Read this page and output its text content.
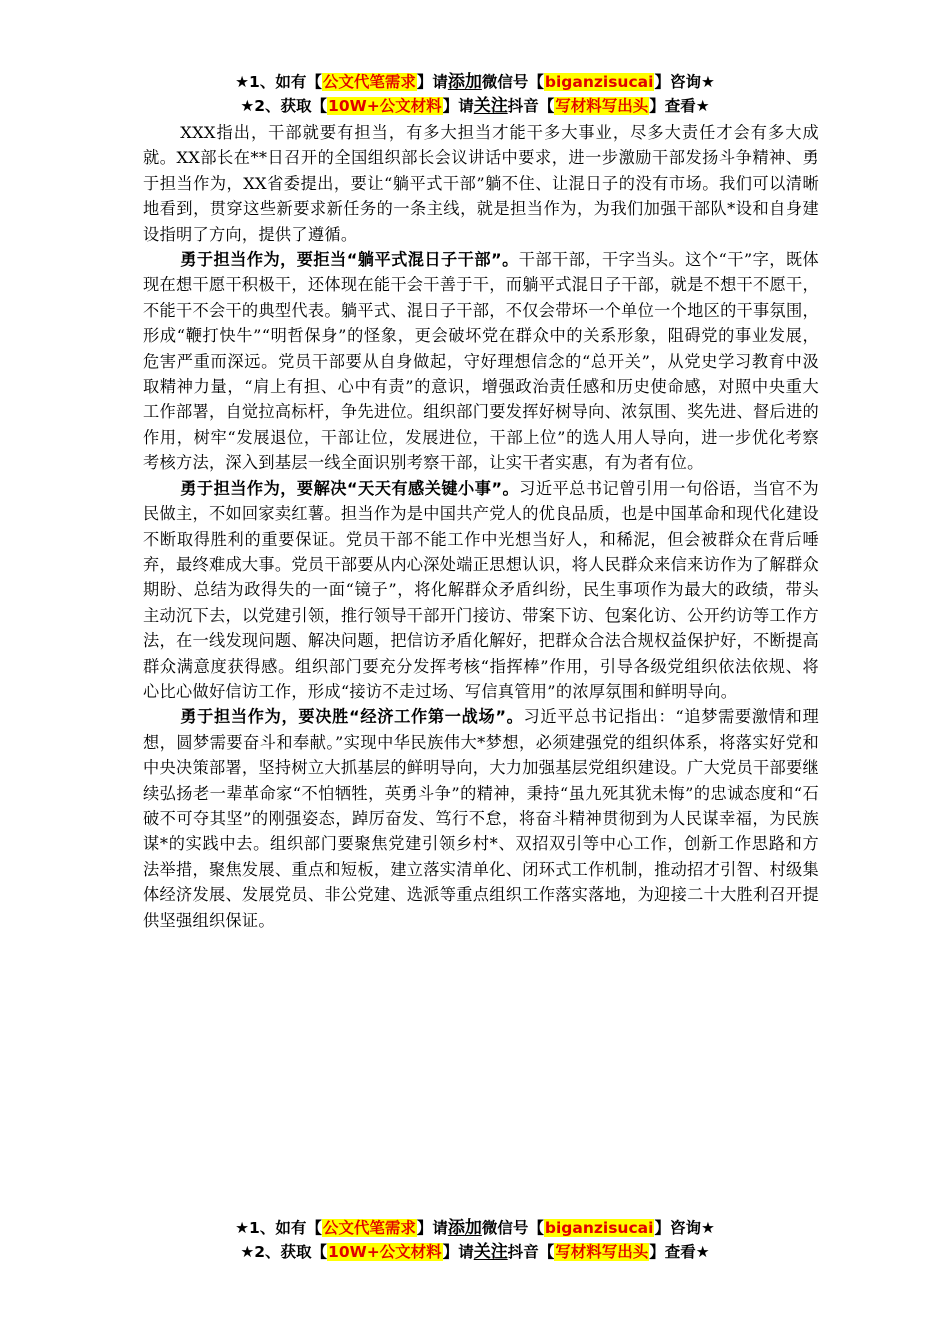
★1、如有【公文代笔需求】请添加微信号【biganzisucai】咨询★
★2、获取【10W+公文材料】请关注抖音【写材料写出头】查看★

XXX指出，干部就要有担当，有多大担当才能干多大事业，尽多大责任才会有多大成就。XX部长在**日召开的全国组织部长会议讲话中要求，进一步激励干部发扬斗争精神、勇于担当作为，XX省委提出，要让“躺平式干部”躺不住、让混日子的没有市场。我们可以清晰地看到，贯穿这些新要求新任务的一条主线，就是担当作为，为我们加强干部队*设和自身建设指明了方向，提供了遵循。

勇于担当作为，要拒当“躺平式混日子干部”。干部干部，干字当头。这个“干”字，既体现在想干愿干积极干，还体现在能干会干善于干，而躺平式混日子干部，就是不想干不愿干，不能干不会干的典型代表。躺平式、混日子干部，不仅会带坏一个单位一个地区的干事氛围，形成“鞭打快牛”“明哲保身”的怪象，更会破坏党在群众中的关系形象，阻碍党的事业发展，危害严重而深远。党员干部要从自身做起，守好理想信念的“总开关”，从党史学习教育中汲取精神力量，“肩上有担、心中有责”的意识，增强政治责任感和历史使命感，对照中央重大工作部署，自觉拉高标杆，争先进位。组织部门要发挥好树导向、浓氛围、奖先进、督后进的作用，树牢“发展退位，干部让位，发展进位，干部上位”的选人用人导向，进一步优化考察考核方法，深入到基层一线全面识别考察干部，让实干者实惠，有为者有位。

勇于担当作为，要解决“天天有感关键小事”。习近平总书记曾引用一句俗语，当官不为民做主，不如回家卖红薯。担当作为是中国共产党人的优良品质，也是中国革命和现代化建设不断取得胜利的重要保证。党员干部不能工作中光想当好人，和稀泥，但会被群众在背后唾弃，最终难成大事。党员干部要从内心深处端正思想认识，将人民群众来信来访作为了解群众期盼、总结为政得失的一面“镜子”，将化解群众矛盾纠纷，民生事项作为最大的政绩，带头主动沉下去，以党建引领，推行领导干部开门接访、带案下访、包案化访、公开约访等工作方法，在一线发现问题、解决问题，把信访矛盾化解好，把群众合法合规权益保护好，不断提高群众满意度获得感。组织部门要充分发挥考核“指挥棒”作用，引导各级党组织依法依规、将心比心做好信访工作，形成“接访不走过场、写信真管用”的浓厚氛围和鲜明导向。

勇于担当作为，要决胜“经济工作第一战场”。习近平总书记指出：“追梦需要激情和理想，圆梦需要奋斗和奉献。”实现中华民族伟大*梦想，必须建强党的组织体系，将落实好党和中央决策部署，坚持树立大抓基层的鲜明导向，大力加强基层党组织建设。广大党员干部要继续弘扬老一辈革命家“不怕牺牲，英勇斗争”的精神，秉持“虽九死其犹未悔”的忠诚态度和“石破不可夺其坚”的刚强姿态，踔厉奋发、笃行不怠，将奋斗精神贯彻到为人民谋幸福，为民族谋*的实践中去。组织部门要聚焦党建引领乡村*、双招双引等中心工作，创新工作思路和方法举措，聚焦发展、重点和短板，建立落实清单化、闭环式工作机制，推动招才引智、村级集体经济发展、发展党员、非公党建、选派等重点组织工作落实落地，为迎接二十大胜利召开提供坚强组织保证。

★1、如有【公文代笔需求】请添加微信号【biganzisucai】咨询★
★2、获取【10W+公文材料】请关注抖音【写材料写出头】查看★
